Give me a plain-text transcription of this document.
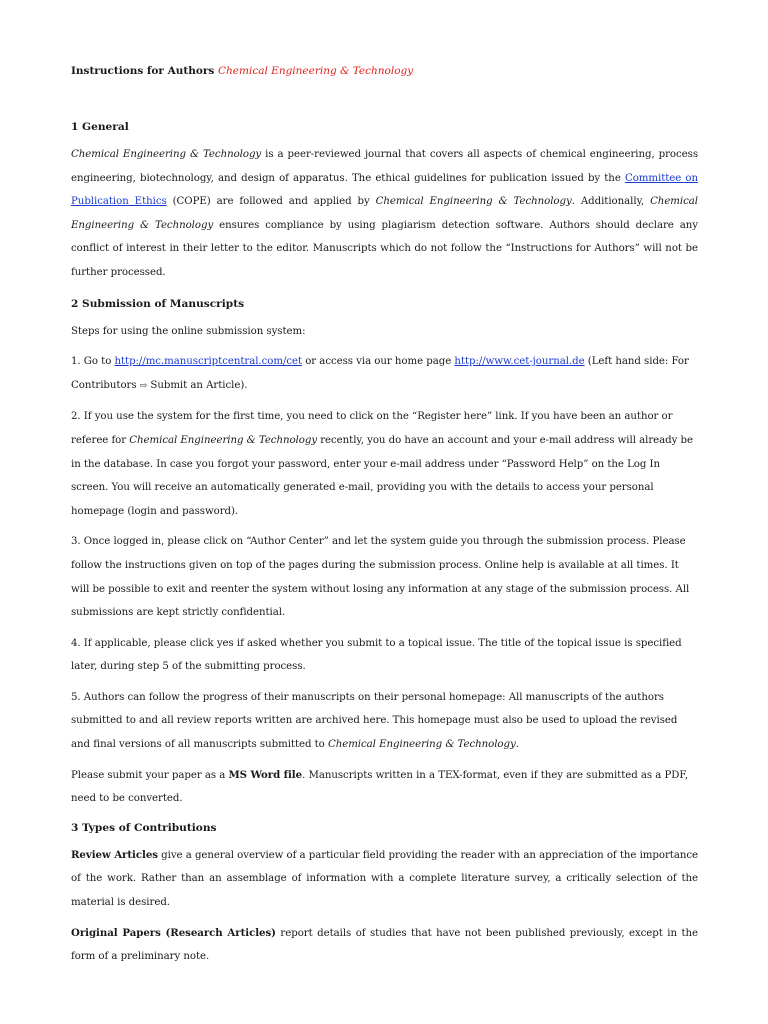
Instructions for Authors Chemical Engineering & Technology
1 General

Chemical Engineering & Technology is a peer-reviewed journal that covers all aspects of chemical engineering, process engineering, biotechnology, and design of apparatus. The ethical guidelines for publication issued by the Committee on Publication Ethics (COPE) are followed and applied by Chemical Engineering & Technology. Additionally, Chemical Engineering & Technology ensures compliance by using plagiarism detection software. Authors should declare any conflict of interest in their letter to the editor. Manuscripts which do not follow the “Instructions for Authors” will not be further processed.

2 Submission of Manuscripts

Steps for using the online submission system:

1. Go to http://mc.manuscriptcentral.com/cet or access via our home page http://www.cet-journal.de (Left hand side: For Contributors ⇨ Submit an Article).

2. If you use the system for the first time, you need to click on the “Register here” link. If you have been an author or referee for Chemical Engineering & Technology recently, you do have an account and your e-mail address will already be in the database. In case you forgot your password, enter your e-mail address under “Password Help” on the Log In screen. You will receive an automatically generated e-mail, providing you with the details to access your personal homepage (login and password).

3. Once logged in, please click on “Author Center” and let the system guide you through the submission process. Please follow the instructions given on top of the pages during the submission process. Online help is available at all times. It will be possible to exit and reenter the system without losing any information at any stage of the submission process. All submissions are kept strictly confidential.

4. If applicable, please click yes if asked whether you submit to a topical issue. The title of the topical issue is specified later, during step 5 of the submitting process.

5. Authors can follow the progress of their manuscripts on their personal homepage: All manuscripts of the authors submitted to and all review reports written are archived here. This homepage must also be used to upload the revised and final versions of all manuscripts submitted to Chemical Engineering & Technology.

Please submit your paper as a MS Word file. Manuscripts written in a TEX-format, even if they are submitted as a PDF, need to be converted.

3 Types of Contributions

Review Articles give a general overview of a particular field providing the reader with an appreciation of the importance of the work. Rather than an assemblage of information with a complete literature survey, a critically selection of the material is desired.

Original Papers (Research Articles) report details of studies that have not been published previously, except in the form of a preliminary note.
